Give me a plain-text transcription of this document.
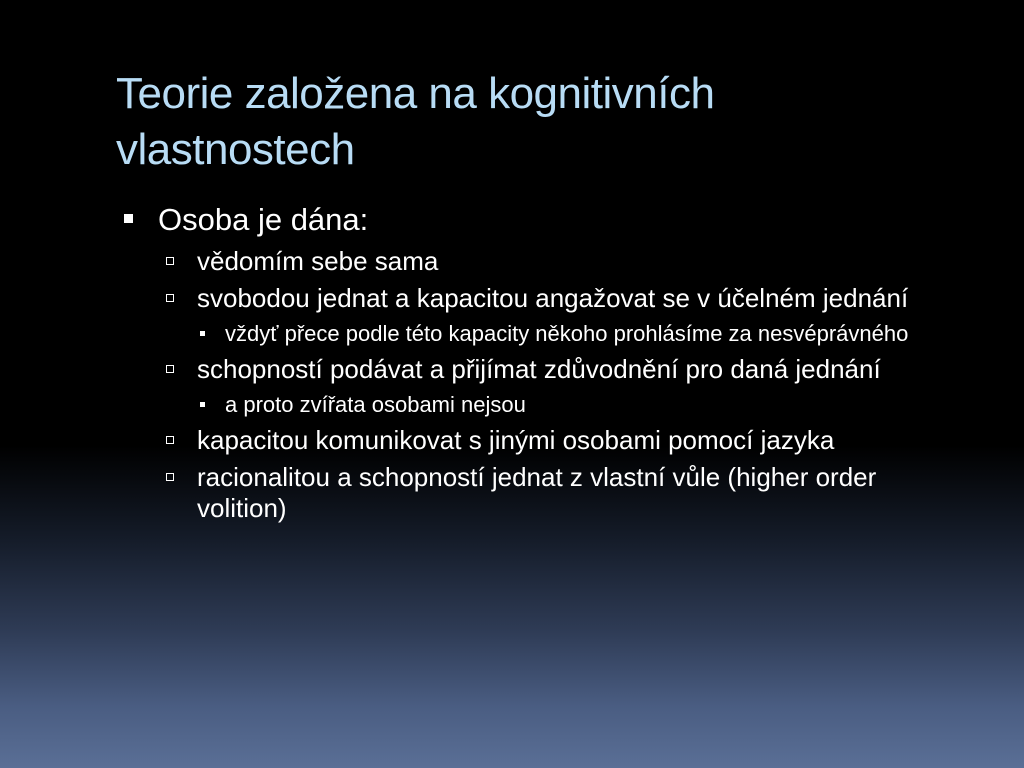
Teorie založena na kognitivních vlastnostech
Osoba je dána:
vědomím sebe sama
svobodou jednat a kapacitou angažovat se v účelném jednání
vždyť přece podle této kapacity někoho prohlásíme za nesvéprávného
schopností podávat a přijímat zdůvodnění pro daná jednání
a proto zvířata osobami nejsou
kapacitou komunikovat s jinými osobami pomocí jazyka
racionalitou a schopností jednat z vlastní vůle (higher order volition)
